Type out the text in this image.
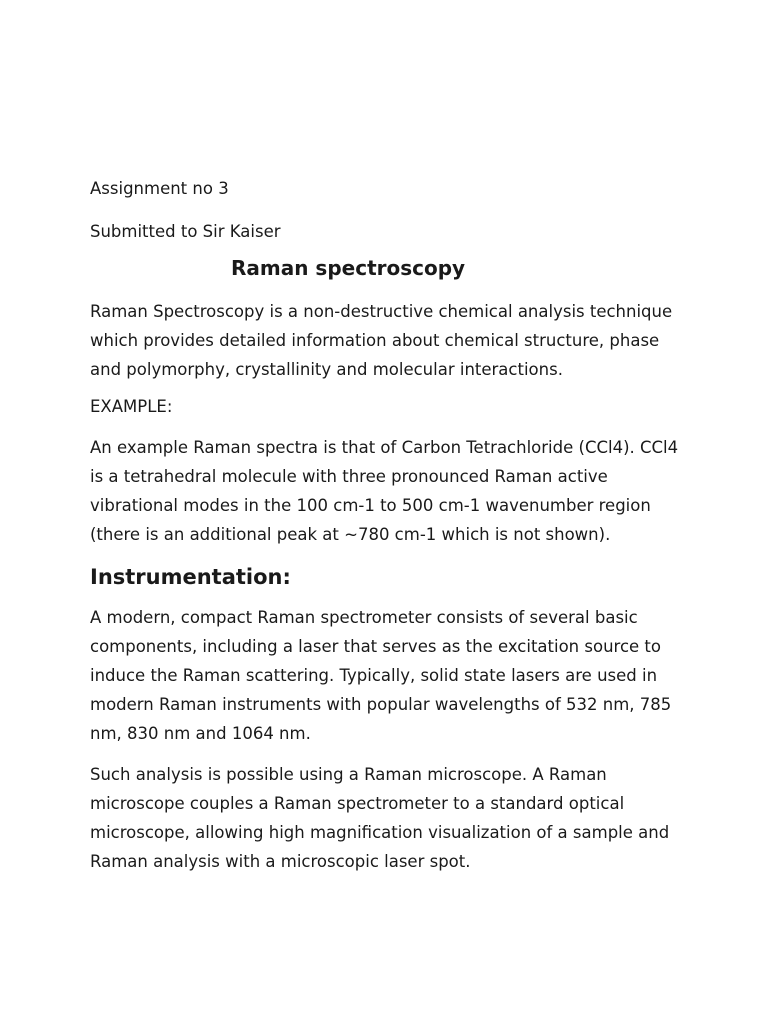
Assignment no 3

Submitted to Sir Kaiser

Raman spectroscopy

Raman Spectroscopy is a non-destructive chemical analysis technique
which provides detailed information about chemical structure, phase
and polymorphy, crystallinity and molecular interactions.

EXAMPLE:

An example Raman spectra is that of Carbon Tetrachloride (CCl4). CCl4
is a tetrahedral molecule with three pronounced Raman active
vibrational modes in the 100 cm-1 to 500 cm-1 wavenumber region
(there is an additional peak at ~780 cm-1 which is not shown).

Instrumentation:

A modern, compact Raman spectrometer consists of several basic
components, including a laser that serves as the excitation source to
induce the Raman scattering. Typically, solid state lasers are used in
modern Raman instruments with popular wavelengths of 532 nm, 785
nm, 830 nm and 1064 nm.

Such analysis is possible using a Raman microscope. A Raman
microscope couples a Raman spectrometer to a standard optical
microscope, allowing high magnification visualization of a sample and
Raman analysis with a microscopic laser spot.
